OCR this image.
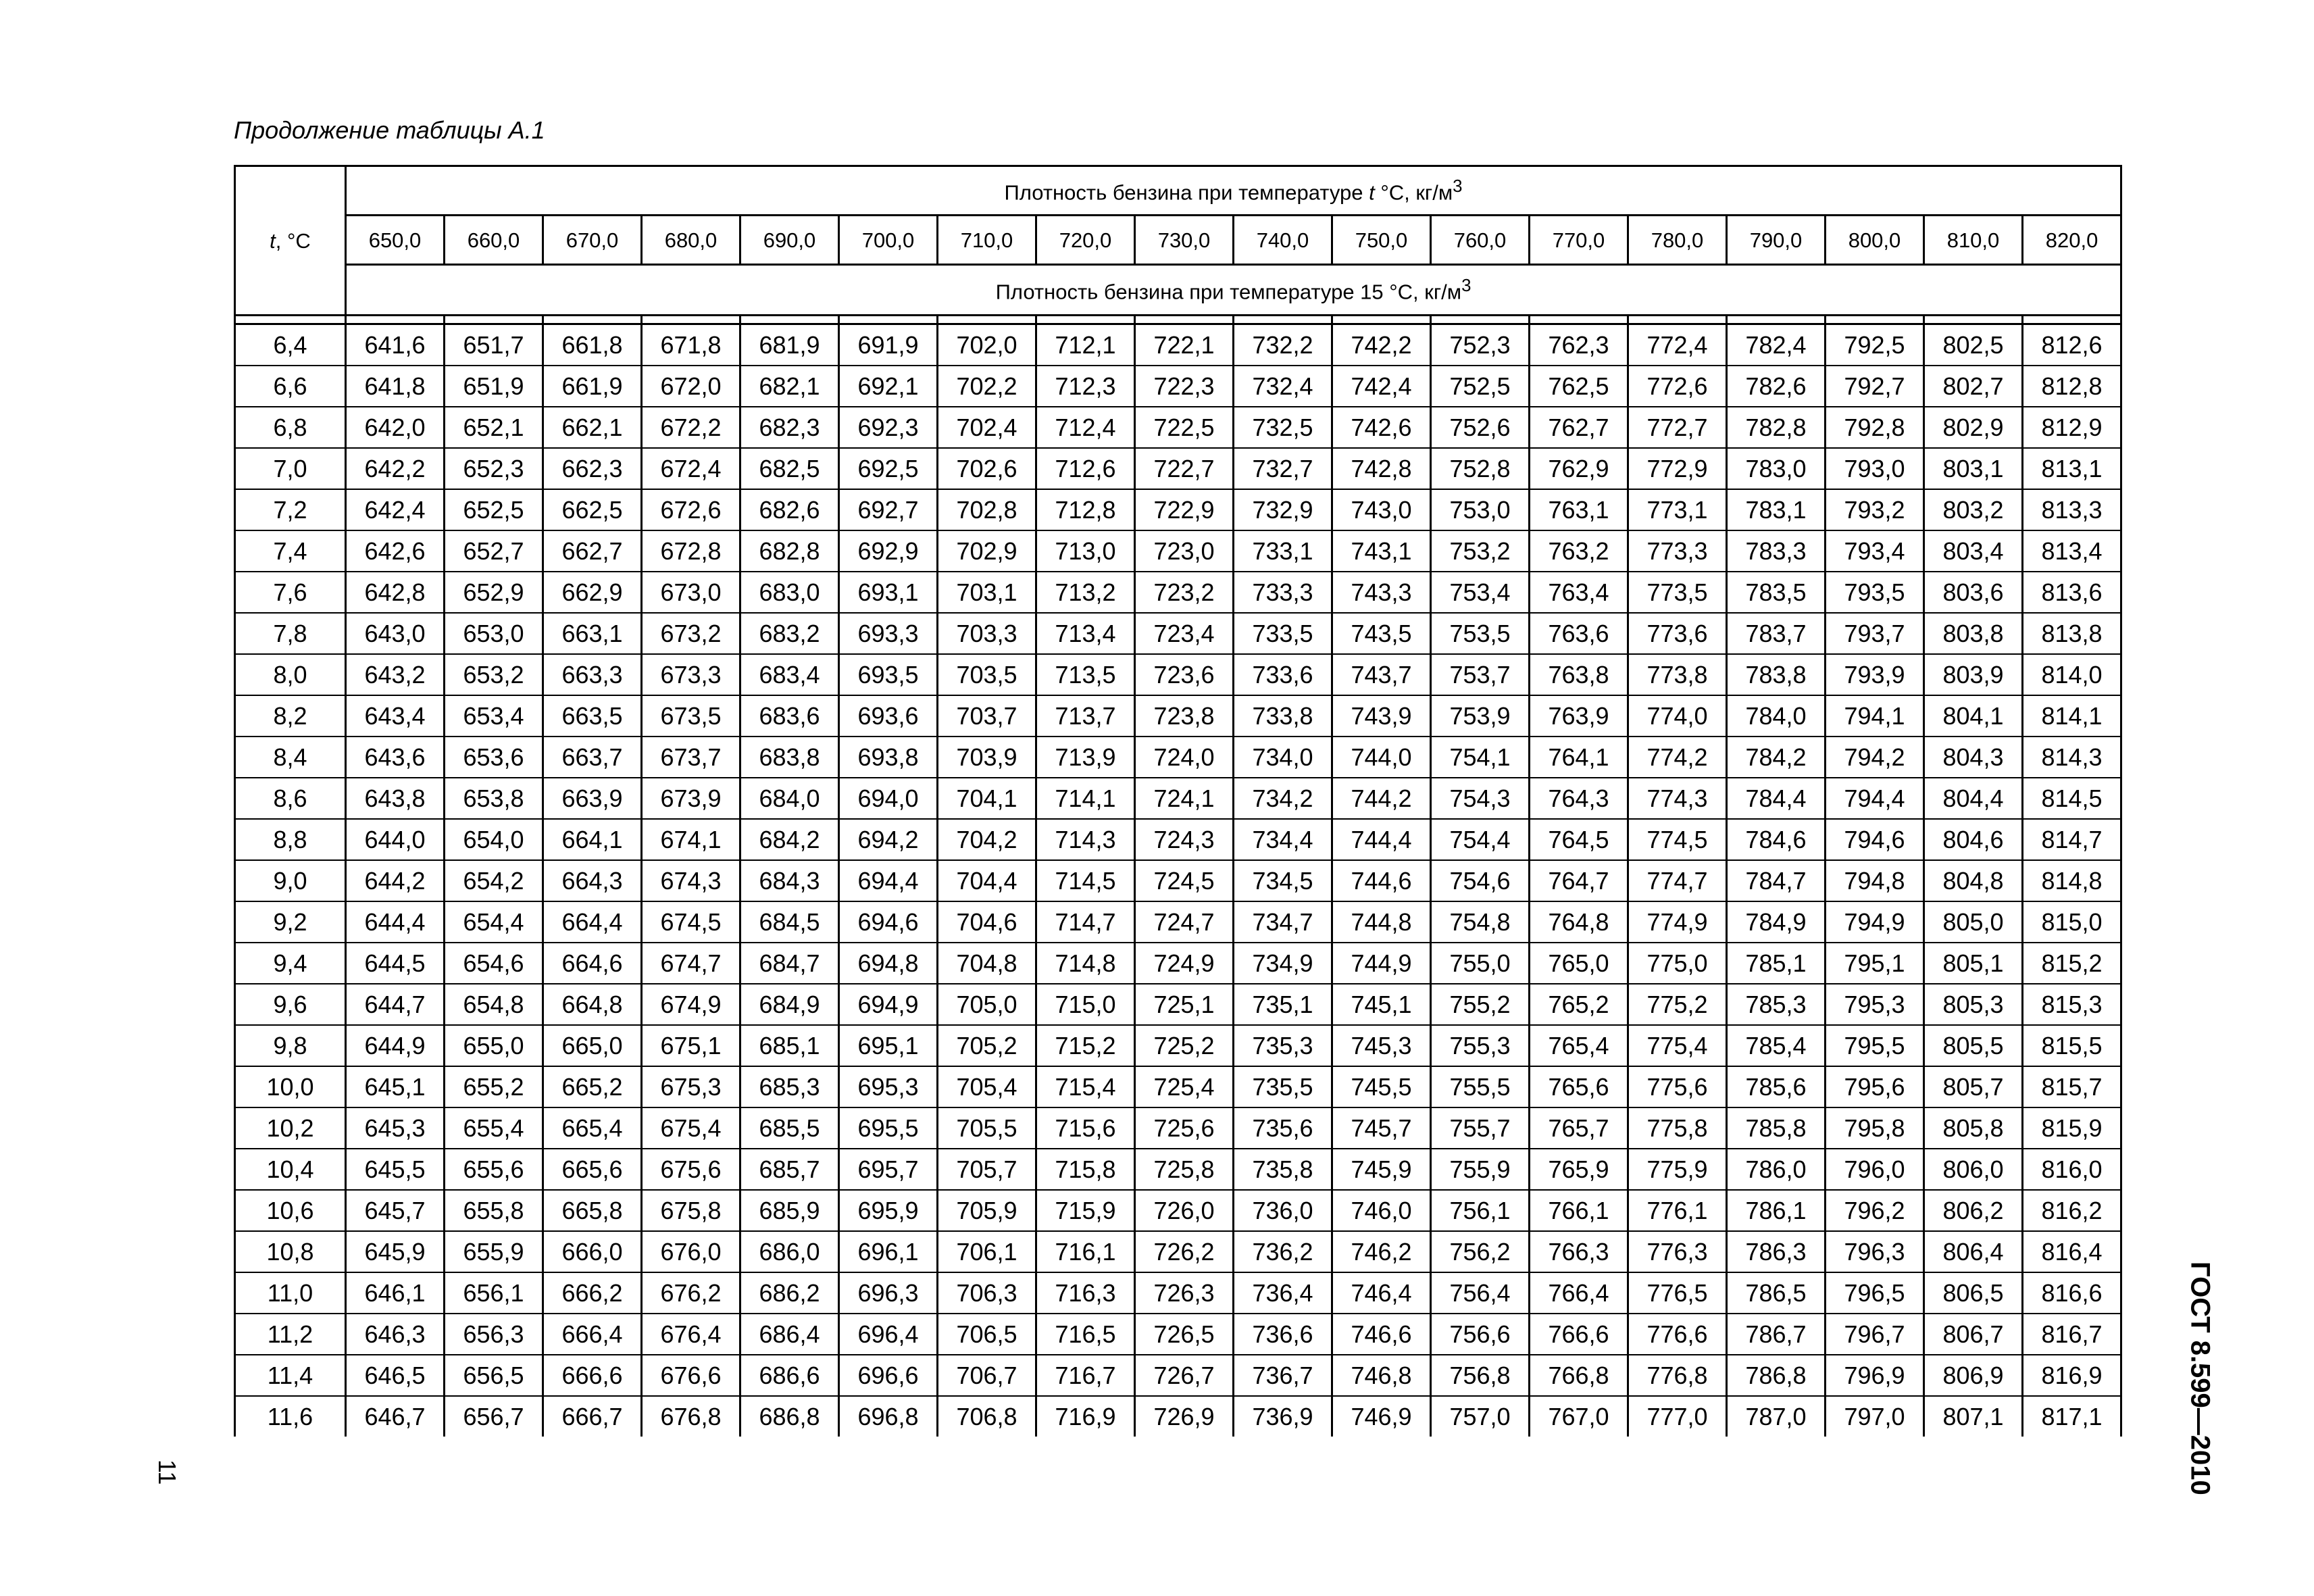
Продолжение таблицы А.1

t, °С	Плотность бензина при температуре t °С, $кг/м^3$
	650,0	660,0	670,0	680,0	690,0	700,0	710,0	720,0	730,0	740,0	750,0	760,0	770,0	780,0	790,0	800,0	810,0	820,0
	Плотность бензина при температуре 15 °С, $кг/м^3$

6,4	641,6	651,7	661,8	671,8	681,9	691,9	702,0	712,1	722,1	732,2	742,2	752,3	762,3	772,4	782,4	792,5	802,5	812,6
6,6	641,8	651,9	661,9	672,0	682,1	692,1	702,2	712,3	722,3	732,4	742,4	752,5	762,5	772,6	782,6	792,7	802,7	812,8
6,8	642,0	652,1	662,1	672,2	682,3	692,3	702,4	712,4	722,5	732,5	742,6	752,6	762,7	772,7	782,8	792,8	802,9	812,9
7,0	642,2	652,3	662,3	672,4	682,5	692,5	702,6	712,6	722,7	732,7	742,8	752,8	762,9	772,9	783,0	793,0	803,1	813,1
7,2	642,4	652,5	662,5	672,6	682,6	692,7	702,8	712,8	722,9	732,9	743,0	753,0	763,1	773,1	783,1	793,2	803,2	813,3
7,4	642,6	652,7	662,7	672,8	682,8	692,9	702,9	713,0	723,0	733,1	743,1	753,2	763,2	773,3	783,3	793,4	803,4	813,4
7,6	642,8	652,9	662,9	673,0	683,0	693,1	703,1	713,2	723,2	733,3	743,3	753,4	763,4	773,5	783,5	793,5	803,6	813,6
7,8	643,0	653,0	663,1	673,2	683,2	693,3	703,3	713,4	723,4	733,5	743,5	753,5	763,6	773,6	783,7	793,7	803,8	813,8
8,0	643,2	653,2	663,3	673,3	683,4	693,5	703,5	713,5	723,6	733,6	743,7	753,7	763,8	773,8	783,8	793,9	803,9	814,0
8,2	643,4	653,4	663,5	673,5	683,6	693,6	703,7	713,7	723,8	733,8	743,9	753,9	763,9	774,0	784,0	794,1	804,1	814,1
8,4	643,6	653,6	663,7	673,7	683,8	693,8	703,9	713,9	724,0	734,0	744,0	754,1	764,1	774,2	784,2	794,2	804,3	814,3
8,6	643,8	653,8	663,9	673,9	684,0	694,0	704,1	714,1	724,1	734,2	744,2	754,3	764,3	774,3	784,4	794,4	804,4	814,5
8,8	644,0	654,0	664,1	674,1	684,2	694,2	704,2	714,3	724,3	734,4	744,4	754,4	764,5	774,5	784,6	794,6	804,6	814,7
9,0	644,2	654,2	664,3	674,3	684,3	694,4	704,4	714,5	724,5	734,5	744,6	754,6	764,7	774,7	784,7	794,8	804,8	814,8
9,2	644,4	654,4	664,4	674,5	684,5	694,6	704,6	714,7	724,7	734,7	744,8	754,8	764,8	774,9	784,9	794,9	805,0	815,0
9,4	644,5	654,6	664,6	674,7	684,7	694,8	704,8	714,8	724,9	734,9	744,9	755,0	765,0	775,0	785,1	795,1	805,1	815,2
9,6	644,7	654,8	664,8	674,9	684,9	694,9	705,0	715,0	725,1	735,1	745,1	755,2	765,2	775,2	785,3	795,3	805,3	815,3
9,8	644,9	655,0	665,0	675,1	685,1	695,1	705,2	715,2	725,2	735,3	745,3	755,3	765,4	775,4	785,4	795,5	805,5	815,5
10,0	645,1	655,2	665,2	675,3	685,3	695,3	705,4	715,4	725,4	735,5	745,5	755,5	765,6	775,6	785,6	795,6	805,7	815,7
10,2	645,3	655,4	665,4	675,4	685,5	695,5	705,5	715,6	725,6	735,6	745,7	755,7	765,7	775,8	785,8	795,8	805,8	815,9
10,4	645,5	655,6	665,6	675,6	685,7	695,7	705,7	715,8	725,8	735,8	745,9	755,9	765,9	775,9	786,0	796,0	806,0	816,0
10,6	645,7	655,8	665,8	675,8	685,9	695,9	705,9	715,9	726,0	736,0	746,0	756,1	766,1	776,1	786,1	796,2	806,2	816,2
10,8	645,9	655,9	666,0	676,0	686,0	696,1	706,1	716,1	726,2	736,2	746,2	756,2	766,3	776,3	786,3	796,3	806,4	816,4
11,0	646,1	656,1	666,2	676,2	686,2	696,3	706,3	716,3	726,3	736,4	746,4	756,4	766,4	776,5	786,5	796,5	806,5	816,6
11,2	646,3	656,3	666,4	676,4	686,4	696,4	706,5	716,5	726,5	736,6	746,6	756,6	766,6	776,6	786,7	796,7	806,7	816,7
11,4	646,5	656,5	666,6	676,6	686,6	696,6	706,7	716,7	726,7	736,7	746,8	756,8	766,8	776,8	786,8	796,9	806,9	816,9
11,6	646,7	656,7	666,7	676,8	686,8	696,8	706,8	716,9	726,9	736,9	746,9	757,0	767,0	777,0	787,0	797,0	807,1	817,1	ГОСТ 8.599—2010
11
